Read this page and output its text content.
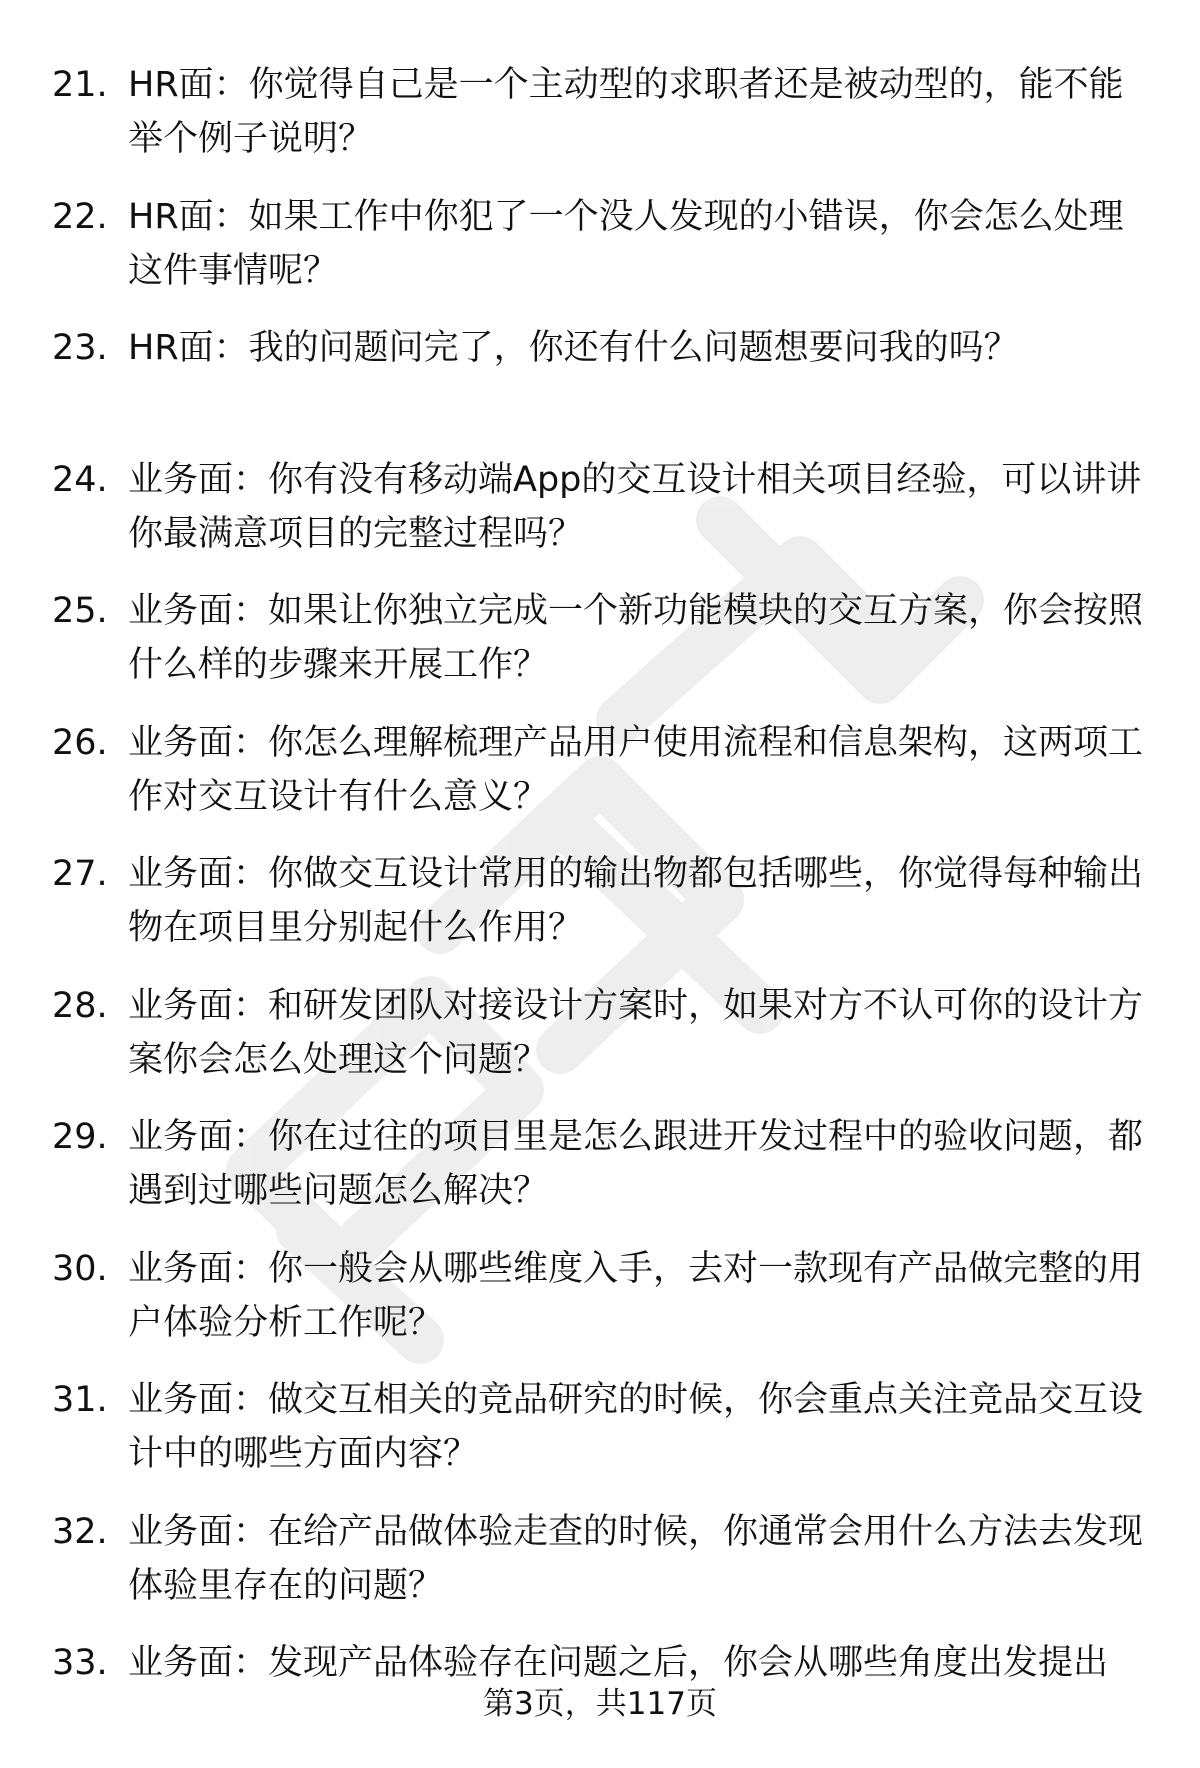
21. HR面：你觉得自己是一个主动型的求职者还是被动型的，能不能举个例子说明？
22. HR面：如果工作中你犯了一个没人发现的小错误，你会怎么处理这件事情呢？
23. HR面：我的问题问完了，你还有什么问题想要问我的吗？
24. 业务面：你有没有移动端App的交互设计相关项目经验，可以讲讲你最满意项目的完整过程吗？
25. 业务面：如果让你独立完成一个新功能模块的交互方案，你会按照什么样的步骤来开展工作？
26. 业务面：你怎么理解梳理产品用户使用流程和信息架构，这两项工作对交互设计有什么意义？
27. 业务面：你做交互设计常用的输出物都包括哪些，你觉得每种输出物在项目里分别起什么作用？
28. 业务面：和研发团队对接设计方案时，如果对方不认可你的设计方案你会怎么处理这个问题？
29. 业务面：你在过往的项目里是怎么跟进开发过程中的验收问题，都遇到过哪些问题怎么解决？
30. 业务面：你一般会从哪些维度入手，去对一款现有产品做完整的用户体验分析工作呢？
31. 业务面：做交互相关的竞品研究的时候，你会重点关注竞品交互设计中的哪些方面内容？
32. 业务面：在给产品做体验走查的时候，你通常会用什么方法去发现体验里存在的问题？
33. 业务面：发现产品体验存在问题之后，你会从哪些角度出发提出
第3页，共117页
